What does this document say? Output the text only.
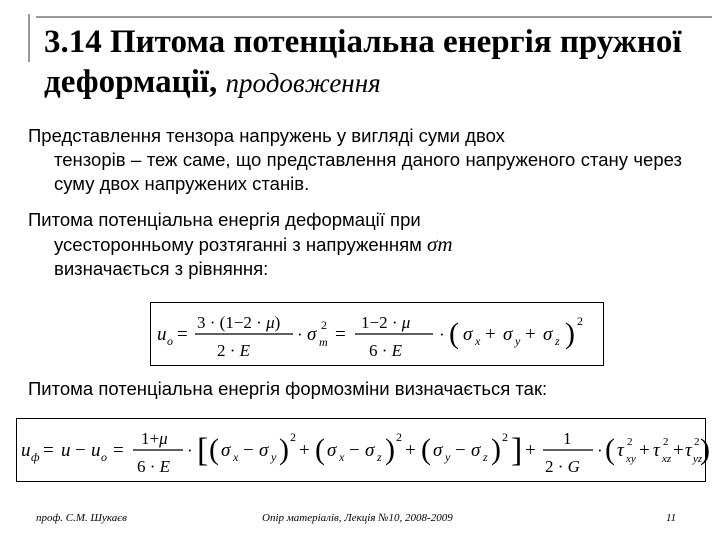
3.14 Питома потенціальна енергія пружної деформації, продовження
Представлення тензора напружень у вигляді суми двох
тензорів – теж саме, що представлення даного напруженого стану через суму двох напружених станів.
Питома потенціальна енергія деформації при
усесторонньому розтяганні з напруженням σm
визначається з рівняння:
u o =
3 · (1−2 · μ)
2 · E
· σ m
2 =
1−2 · μ
6 · E
· ( σ x + σ y + σ z ) 2
Питома потенціальна енергія формозміни визначається так:
u ф = u − u o =
1+μ
6 · E
· [ ( σ x − σ y ) 2
+ ( σ x − σ z ) 2
+ ( σ y − σ z ) 2 ] +
1
2 · G
· ( τ xy
2 + τ xz
2 + τ yz
2 )
проф. С.М. Шукаєв	Опір матеріалів, Лекція №10, 2008-2009	11
